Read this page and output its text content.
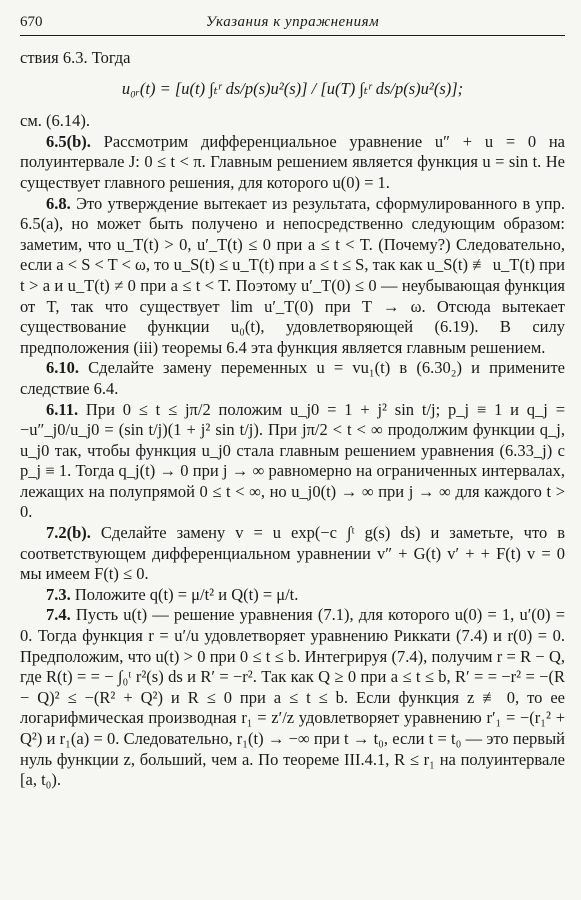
670	Указания к упражнениям

ствия 6.3. Тогда

u₀ᵣ(t) = [u(t) ∫ₜʳ ds/p(s)u²(s)] / [u(T) ∫ₜʳ ds/p(s)u²(s)];

см. (6.14).

6.5(b). Рассмотрим дифференциальное уравнение u″ + u = 0 на полуинтервале J: 0 ≤ t < π. Главным решением является функция u = sin t. Не существует главного решения, для которого u(0) = 1.

6.8. Это утверждение вытекает из результата, сформулированного в упр. 6.5(a), но может быть получено и непосредственно следующим образом: заметим, что u_T(t) > 0, u′_T(t) ≤ 0 при a ≤ t < T. (Почему?) Следовательно, если a < S < T < ω, то u_S(t) ≤ u_T(t) при a ≤ t ≤ S, так как u_S(t) ≢ u_T(t) при t > a и u_T(t) ≠ 0 при a ≤ t < T. Поэтому u′_T(0) ≤ 0 — неубывающая функция от T, так что существует lim u′_T(0) при T → ω. Отсюда вытекает существование функции u₀(t), удовлетворяющей (6.19). В силу предположения (iii) теоремы 6.4 эта функция является главным решением.

6.10. Сделайте замену переменных u = vu₁(t) в (6.30₂) и примените следствие 6.4.

6.11. При 0 ≤ t ≤ jπ/2 положим u_j0 = 1 + j² sin t/j; p_j ≡ 1 и q_j = −u″_j0/u_j0 = (sin t/j)(1 + j² sin t/j). При jπ/2 < t < ∞ продолжим функции q_j, u_j0 так, чтобы функция u_j0 стала главным решением уравнения (6.33_j) с p_j ≡ 1. Тогда q_j(t) → 0 при j → ∞ равномерно на ограниченных интервалах, лежащих на полупрямой 0 ≤ t < ∞, но u_j0(t) → ∞ при j → ∞ для каждого t > 0.

7.2(b). Сделайте замену v = u exp(−c ∫ᵗ g(s) ds) и заметьте, что в соответствующем дифференциальном уравнении v″ + G(t) v′ + + F(t) v = 0 мы имеем F(t) ≤ 0.

7.3. Положите q(t) = μ/t² и Q(t) = μ/t.

7.4. Пусть u(t) — решение уравнения (7.1), для которого u(0) = 1, u′(0) = 0. Тогда функция r = u′/u удовлетворяет уравнению Риккати (7.4) и r(0) = 0. Предположим, что u(t) > 0 при 0 ≤ t ≤ b. Интегрируя (7.4), получим r = R − Q, где R(t) = = − ∫₀ᵗ r²(s) ds и R′ = −r². Так как Q ≥ 0 при a ≤ t ≤ b, R′ = = −r² = −(R − Q)² ≤ −(R² + Q²) и R ≤ 0 при a ≤ t ≤ b. Если функция z ≢ 0, то ее логарифмическая производная r₁ = z′/z удовлетворяет уравнению r′₁ = −(r₁² + Q²) и r₁(a) = 0. Следовательно, r₁(t) → −∞ при t → t₀, если t = t₀ — это первый нуль функции z, больший, чем a. По теореме III.4.1, R ≤ r₁ на полуинтервале [a, t₀).
